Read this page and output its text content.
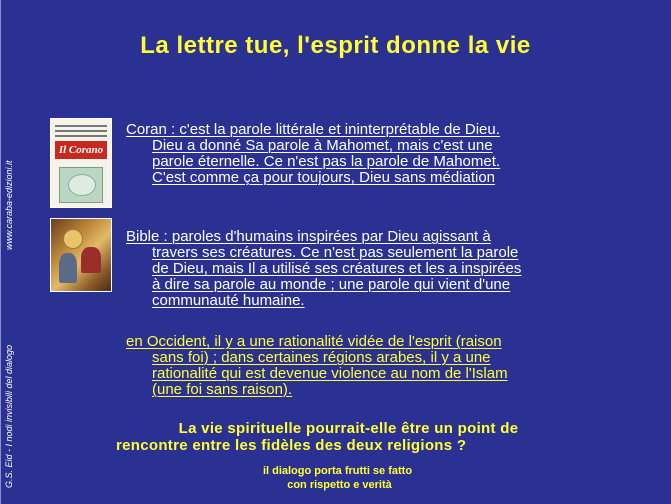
La lettre tue, l'esprit donne la vie
G.S. Eid - I nodi invisibili del dialogo
www.caraba-edizioni.it
Il Corano
Coran : c'est la parole littérale et ininterprétable de Dieu.
Dieu a donné Sa parole à Mahomet, mais c'est une
parole éternelle. Ce n'est pas la parole de Mahomet.
C'est comme ça pour toujours, Dieu sans médiation
Bible : paroles d'humains inspirées par Dieu agissant à
travers ses créatures. Ce n'est pas seulement la parole
de Dieu, mais Il a utilisé ses créatures et les a inspirées
à dire sa parole au monde ; une parole qui vient d'une
communauté humaine.
en Occident, il y a une rationalité vidée de l'esprit (raison
sans foi) ; dans certaines régions arabes, il y a une
rationalité qui est devenue violence au nom de l'Islam
(une foi sans raison).
La vie spirituelle pourrait-elle être un point de
rencontre entre les fidèles des deux religions ?
il dialogo porta frutti se fatto
con rispetto e verità
